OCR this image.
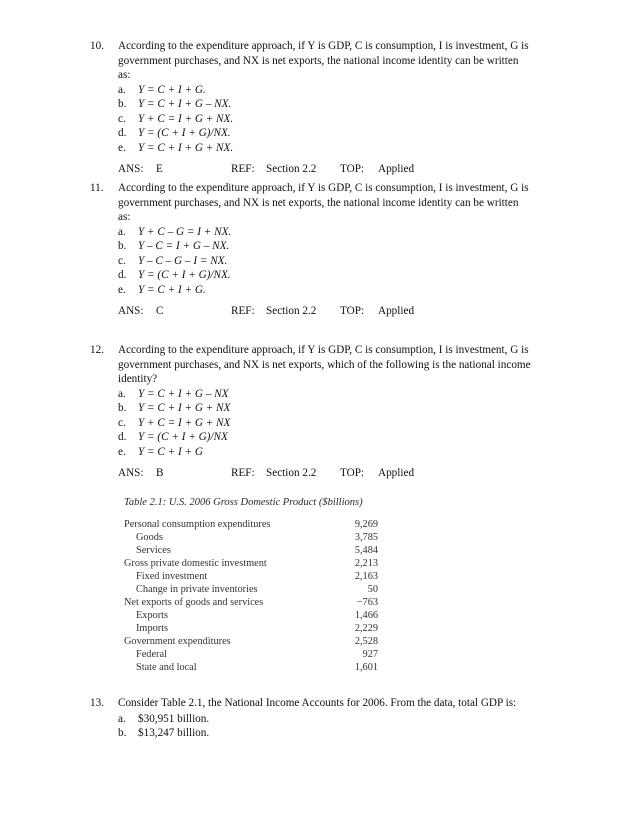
10. According to the expenditure approach, if Y is GDP, C is consumption, I is investment, G is
government purchases, and NX is net exports, the national income identity can be written
as:
a. Y = C + I + G.
b. Y = C + I + G – NX.
c. Y + C = I + G + NX.
d. Y = (C + I + G)/NX.
e. Y = C + I + G + NX.
ANS: E	REF: Section 2.2 TOP: Applied
11. According to the expenditure approach, if Y is GDP, C is consumption, I is investment, G is
government purchases, and NX is net exports, the national income identity can be written
as:
a. Y + C – G = I + NX.
b. Y – C = I + G – NX.
c. Y – C – G – I = NX.
d. Y = (C + I + G)/NX.
e. Y = C + I + G.
ANS: C	REF: Section 2.2 TOP: Applied
12. According to the expenditure approach, if Y is GDP, C is consumption, I is investment, G is
government purchases, and NX is net exports, which of the following is the national income
identity?
a. Y = C + I + G – NX
b. Y = C + I + G + NX
c. Y + C = I + G + NX
d. Y = (C + I + G)/NX
e. Y = C + I + G
ANS: B	REF: Section 2.2 TOP: Applied
Table 2.1: U.S. 2006 Gross Domestic Product ($billions)
Personal consumption expenditures	9,269
Goods	3,785
Services	5,484
Gross private domestic investment	2,213
Fixed investment	2,163
Change in private inventories	50
Net exports of goods and services	−763
Exports	1,466
Imports	2,229
Government expenditures	2,528
Federal	927
State and local	1,601
13. Consider Table 2.1, the National Income Accounts for 2006. From the data, total GDP is:
a. $30,951 billion.
b. $13,247 billion.
